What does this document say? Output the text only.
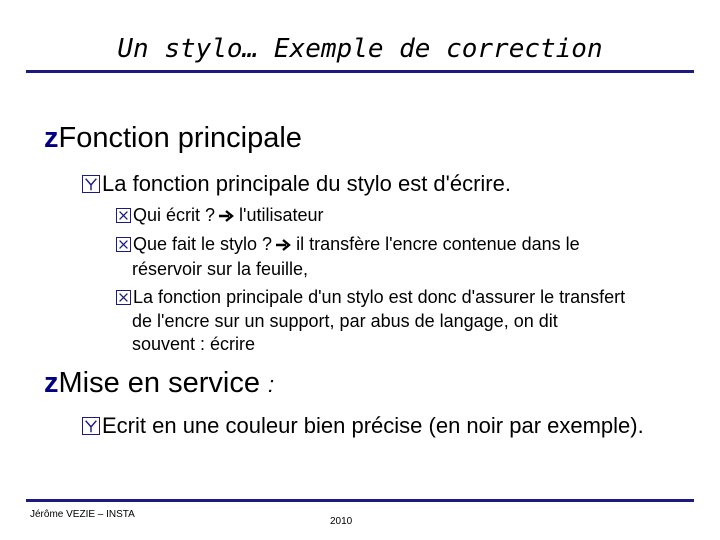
Un stylo… Exemple de correction
zFonction principale
La fonction principale du stylo est d'écrire.
Qui écrit ? l'utilisateur
Que fait le stylo ? il transfère l'encre contenue dans le
réservoir sur la feuille,
La fonction principale d'un stylo est donc d'assurer le transfert
de l'encre sur un support, par abus de langage, on dit
souvent : écrire
zMise en service :
Ecrit en une couleur bien précise (en noir par exemple).
Jérôme VEZIE – INSTA
2010
